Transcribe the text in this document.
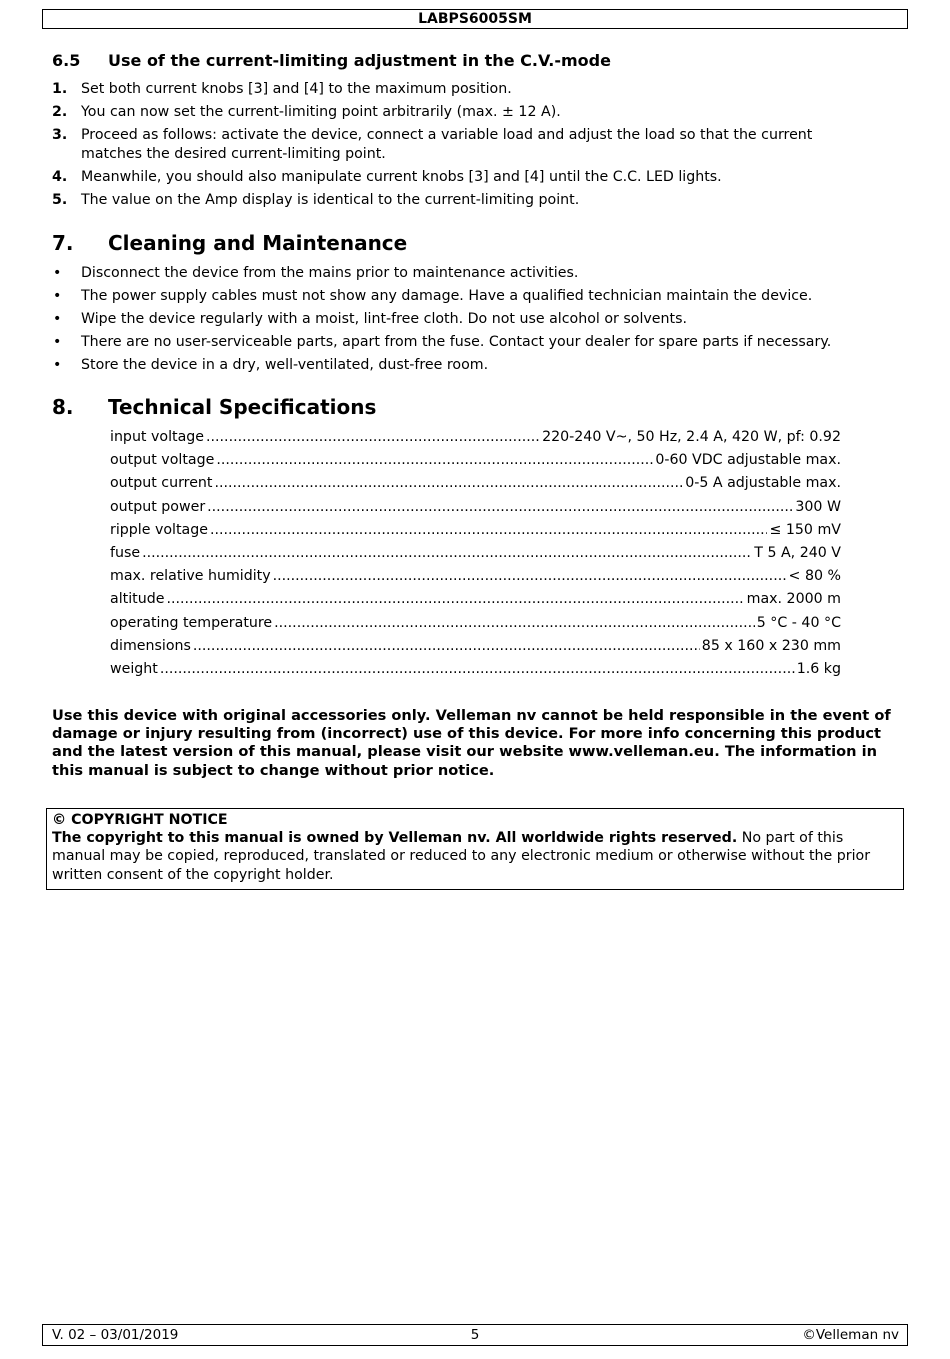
LABPS6005SM
6.5 Use of the current-limiting adjustment in the C.V.-mode
1. Set both current knobs [3] and [4] to the maximum position.
2. You can now set the current-limiting point arbitrarily (max. ± 12 A).
3. Proceed as follows: activate the device, connect a variable load and adjust the load so that the current matches the desired current-limiting point.
4. Meanwhile, you should also manipulate current knobs [3] and [4] until the C.C. LED lights.
5. The value on the Amp display is identical to the current-limiting point.
7. Cleaning and Maintenance
• Disconnect the device from the mains prior to maintenance activities.
• The power supply cables must not show any damage. Have a qualified technician maintain the device.
• Wipe the device regularly with a moist, lint-free cloth. Do not use alcohol or solvents.
• There are no user-serviceable parts, apart from the fuse. Contact your dealer for spare parts if necessary.
• Store the device in a dry, well-ventilated, dust-free room.
8. Technical Specifications
input voltage .....	220-240 V~, 50 Hz, 2.4 A, 420 W, pf: 0.92
output voltage .....	0-60 VDC adjustable max.
output current .....	0-5 A adjustable max.
output power .....	300 W
ripple voltage .....	≤ 150 mV
fuse .....	T 5 A, 240 V
max. relative humidity .....	< 80 %
altitude .....	max. 2000 m
operating temperature .....	5 °C - 40 °C
dimensions .....	85 x 160 x 230 mm
weight .....	1.6 kg
Use this device with original accessories only. Velleman nv cannot be held responsible in the event of damage or injury resulting from (incorrect) use of this device. For more info concerning this product and the latest version of this manual, please visit our website www.velleman.eu. The information in this manual is subject to change without prior notice.
© COPYRIGHT NOTICE
The copyright to this manual is owned by Velleman nv. All worldwide rights reserved. No part of this manual may be copied, reproduced, translated or reduced to any electronic medium or otherwise without the prior written consent of the copyright holder.
V. 02 – 03/01/2019	5	©Velleman nv
